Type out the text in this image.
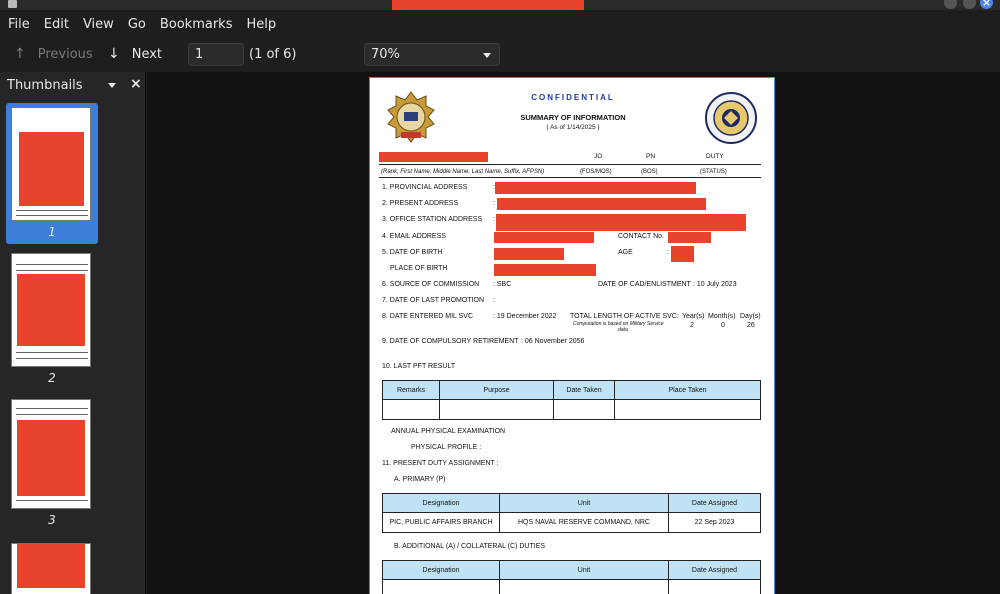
×
File Edit View Go Bookmarks Help
↑ Previous ↓ Next	1	(1 of 6)	70%
Thumbnails	×
1
2
3
CONFIDENTIAL
SUMMARY OF INFORMATION
( As of 1/14/2025 )
JO	PN	DUTY
(Rank, First Name, Middle Name, Last Name, Suffix, AFPSN)	(FOS/MOS)	(BOS)	(STATUS)
1. PROVINCIAL ADDRESS	:
2. PRESENT ADDRESS	:
3. OFFICE STATION ADDRESS :
4. EMAIL ADDRESS	CONTACT No.
5. DATE OF BIRTH	AGE	:
PLACE OF BIRTH
6. SOURCE OF COMMISSION : SBC	DATE OF CAD/ENLISTMENT : 10 July 2023
7. DATE OF LAST PROMOTION :
8. DATE ENTERED MIL SVC	: 19 December 2022 TOTAL LENGTH OF ACTIVE SVC:
Computation is based on Military Service
data
Year(s) Month(s) Day(s)
2	0	26
9. DATE OF COMPULSORY RETIREMENT : 06 November 2056
10. LAST PFT RESULT
Remarks	Purpose	Date Taken	Place Taken

ANNUAL PHYSICAL EXAMINATION
PHYSICAL PROFILE :
11. PRESENT DUTY ASSIGNMENT :
A. PRIMARY (P)
Designation	Unit	Date Assigned
PIC, PUBLIC AFFAIRS BRANCH	HQS NAVAL RESERVE COMMAND, NRC	22 Sep 2023
B. ADDITIONAL (A) / COLLATERAL (C) DUTIES
Designation	Unit	Date Assigned
